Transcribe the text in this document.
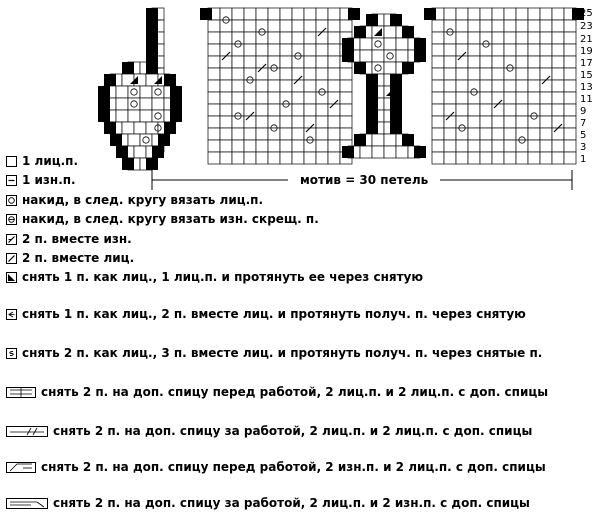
25
23
21
19
17
15
13
11
9
7
5
3
1
мотив = 30 петель
1 лиц.п.
1 изн.п.
накид, в след. кругу вязать лиц.п.
накид, в след. кругу вязать изн. скрещ. п.
2 п. вместе изн.
2 п. вместе лиц.
снять 1 п. как лиц., 1 лиц.п. и протянуть ее через снятую
снять 1 п. как лиц., 2 п. вместе лиц. и протянуть получ. п. через снятую
снять 2 п. как лиц., 3 п. вместе лиц. и протянуть получ. п. через снятые п.
снять 2 п. на доп. спицу перед работой, 2 лиц.п. и 2 лиц.п. с доп. спицы
снять 2 п. на доп. спицу за работой, 2 лиц.п. и 2 лиц.п. с доп. спицы
снять 2 п. на доп. спицу перед работой, 2 изн.п. и 2 лиц.п. с доп. спицы
снять 2 п. на доп. спицу за работой, 2 лиц.п. и 2 изн.п. с доп. спицы
